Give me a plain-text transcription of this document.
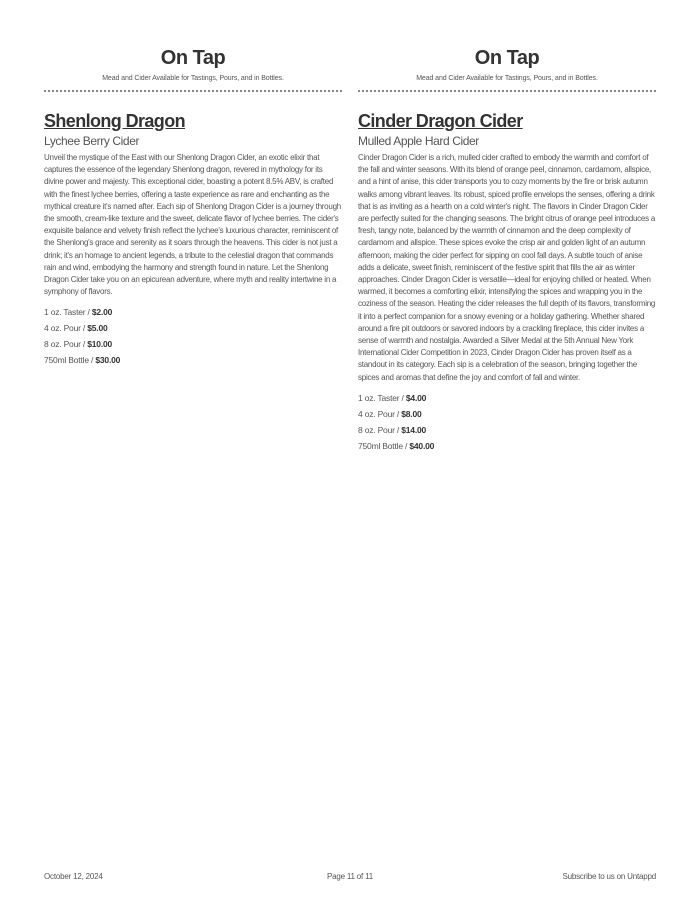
On Tap
Mead and Cider Available for Tastings, Pours, and in Bottles.
Shenlong Dragon
Lychee Berry Cider
Unveil the mystique of the East with our Shenlong Dragon Cider, an exotic elixir that captures the essence of the legendary Shenlong dragon, revered in mythology for its divine power and majesty. This exceptional cider, boasting a potent 8.5% ABV, is crafted with the finest lychee berries, offering a taste experience as rare and enchanting as the mythical creature it's named after. Each sip of Shenlong Dragon Cider is a journey through the smooth, cream-like texture and the sweet, delicate flavor of lychee berries. The cider's exquisite balance and velvety finish reflect the lychee's luxurious character, reminiscent of the Shenlong's grace and serenity as it soars through the heavens. This cider is not just a drink; it's an homage to ancient legends, a tribute to the celestial dragon that commands rain and wind, embodying the harmony and strength found in nature. Let the Shenlong Dragon Cider take you on an epicurean adventure, where myth and reality intertwine in a symphony of flavors.
1 oz. Taster / $2.00
4 oz. Pour / $5.00
8 oz. Pour / $10.00
750ml Bottle / $30.00
On Tap
Mead and Cider Available for Tastings, Pours, and in Bottles.
Cinder Dragon Cider
Mulled Apple Hard Cider
Cinder Dragon Cider is a rich, mulled cider crafted to embody the warmth and comfort of the fall and winter seasons. With its blend of orange peel, cinnamon, cardamom, allspice, and a hint of anise, this cider transports you to cozy moments by the fire or brisk autumn walks among vibrant leaves. Its robust, spiced profile envelops the senses, offering a drink that is as inviting as a hearth on a cold winter's night. The flavors in Cinder Dragon Cider are perfectly suited for the changing seasons. The bright citrus of orange peel introduces a fresh, tangy note, balanced by the warmth of cinnamon and the deep complexity of cardamom and allspice. These spices evoke the crisp air and golden light of an autumn afternoon, making the cider perfect for sipping on cool fall days. A subtle touch of anise adds a delicate, sweet finish, reminiscent of the festive spirit that fills the air as winter approaches. Cinder Dragon Cider is versatile—ideal for enjoying chilled or heated. When warmed, it becomes a comforting elixir, intensifying the spices and wrapping you in the coziness of the season. Heating the cider releases the full depth of its flavors, transforming it into a perfect companion for a snowy evening or a holiday gathering. Whether shared around a fire pit outdoors or savored indoors by a crackling fireplace, this cider invites a sense of warmth and nostalgia. Awarded a Silver Medal at the 5th Annual New York International Cider Competition in 2023, Cinder Dragon Cider has proven itself as a standout in its category. Each sip is a celebration of the season, bringing together the spices and aromas that define the joy and comfort of fall and winter.
1 oz. Taster / $4.00
4 oz. Pour / $8.00
8 oz. Pour / $14.00
750ml Bottle / $40.00
October 12, 2024	Page 11 of 11	Subscribe to us on Untappd
